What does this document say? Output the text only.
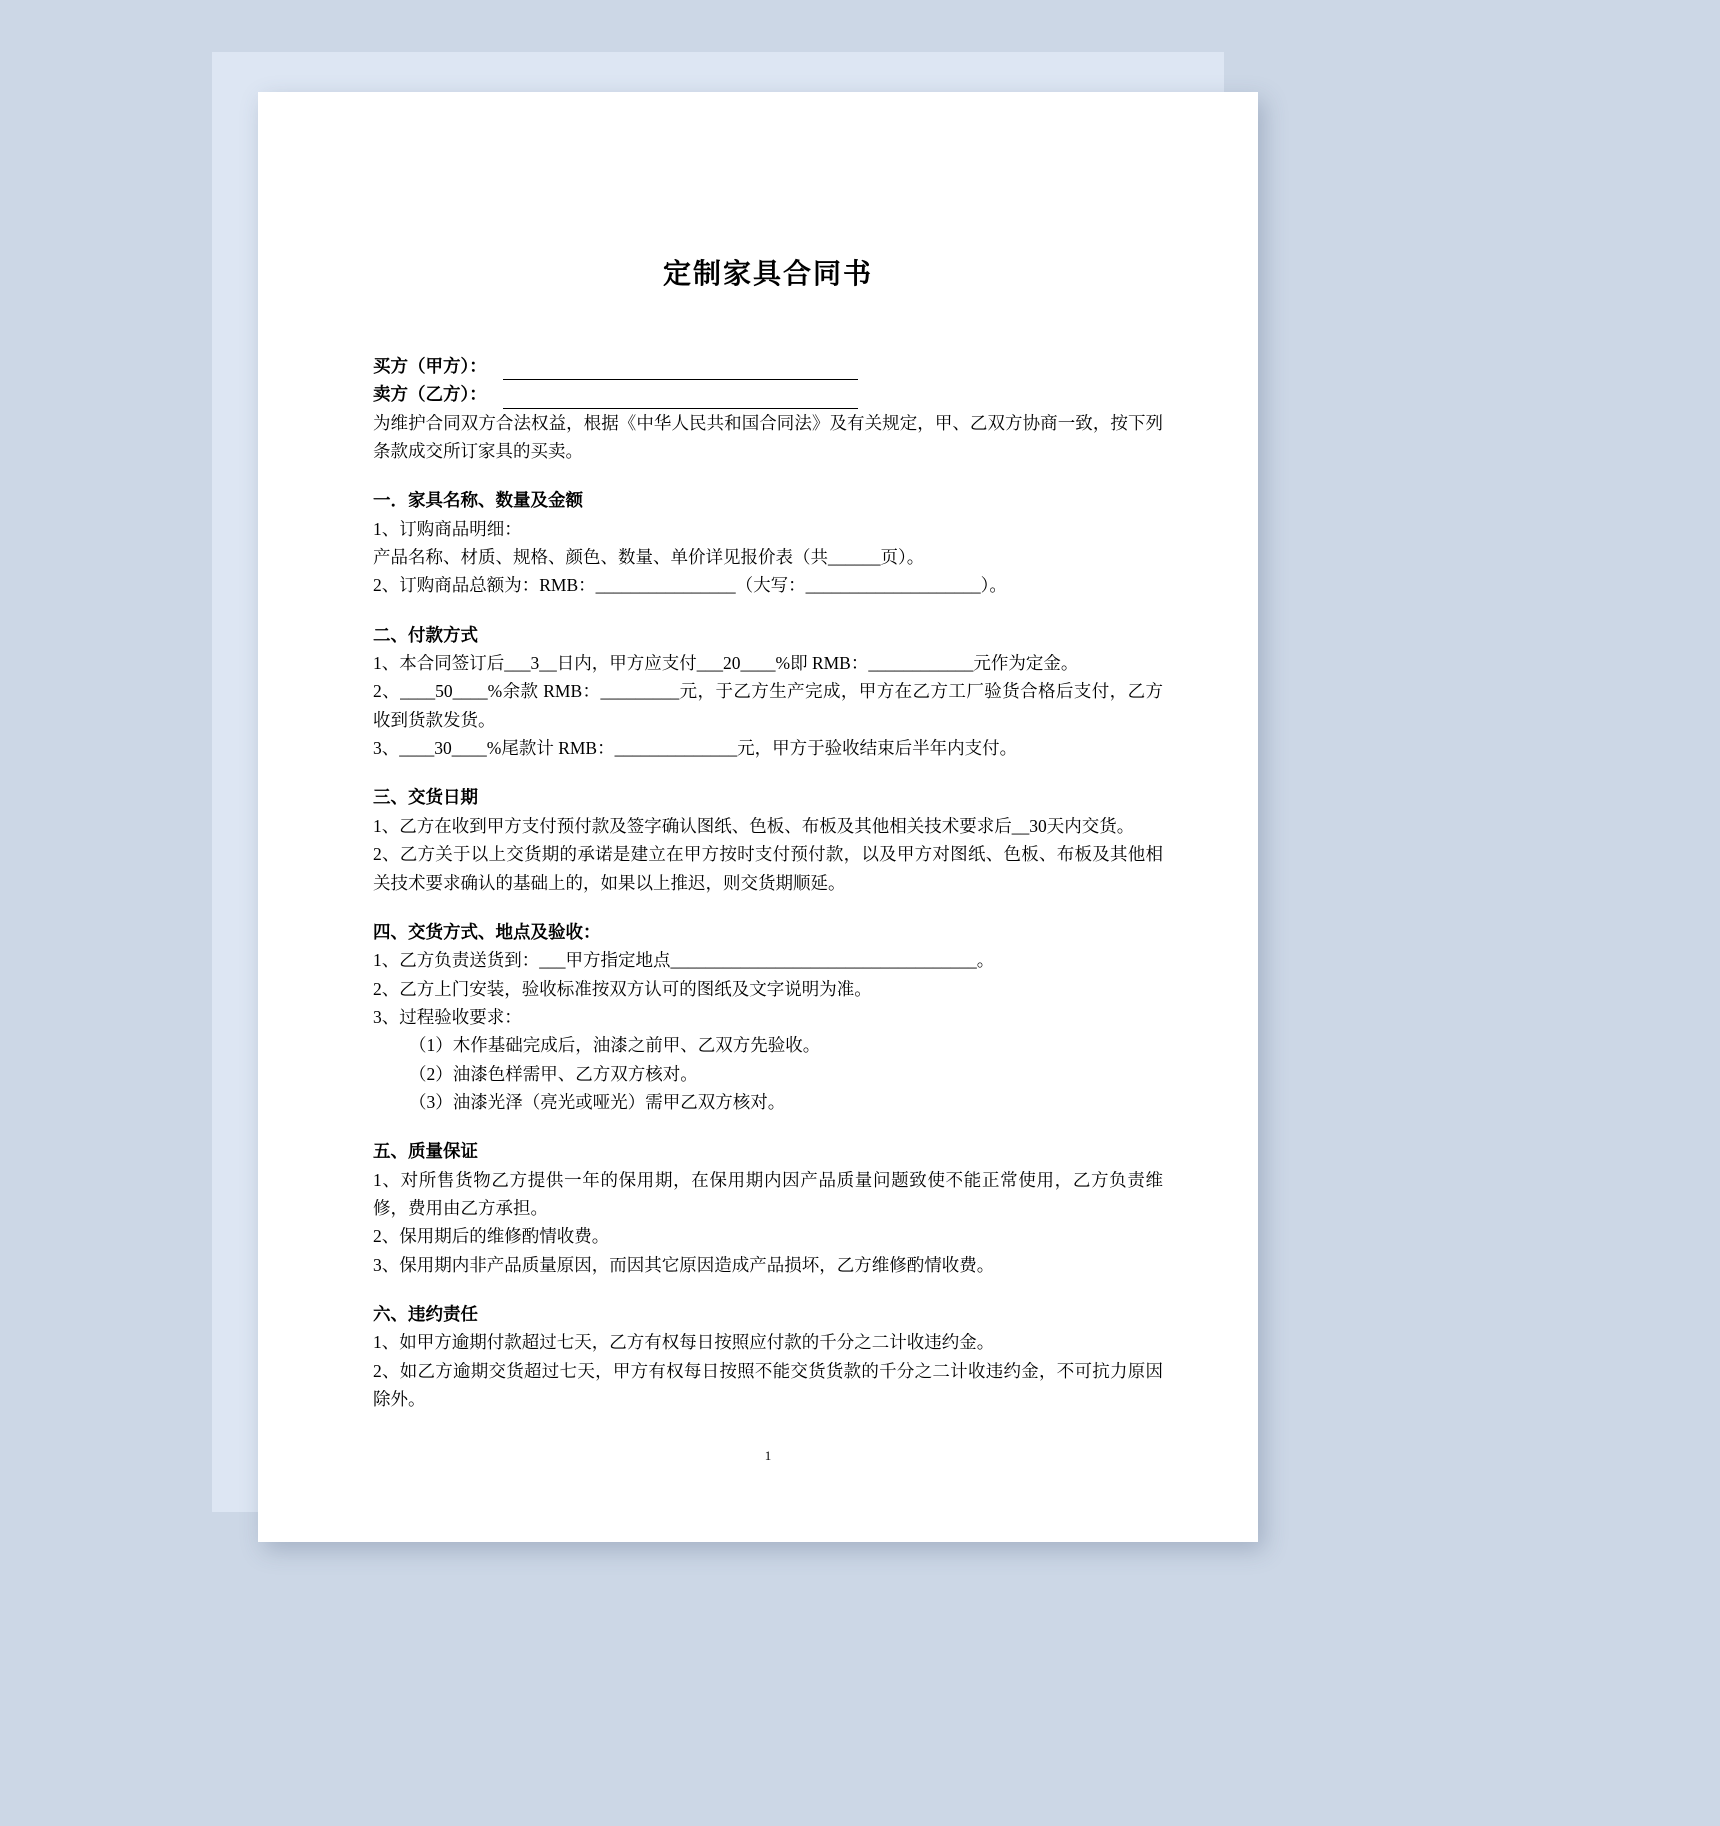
定制家具合同书
买方（甲方）：
卖方（乙方）：

为维护合同双方合法权益，根据《中华人民共和国合同法》及有关规定，甲、乙双方协商一致，按下列条款成交所订家具的买卖。

一．家具名称、数量及金额

1、订购商品明细：

产品名称、材质、规格、颜色、数量、单价详见报价表（共______页）。

2、订购商品总额为：RMB：________________（大写：____________________）。

二、付款方式

1、本合同签订后___3__日内，甲方应支付___20____%即 RMB：____________元作为定金。

2、____50____%余款 RMB：_________元，于乙方生产完成，甲方在乙方工厂验货合格后支付，乙方收到货款发货。

3、____30____%尾款计 RMB：______________元，甲方于验收结束后半年内支付。

三、交货日期

1、乙方在收到甲方支付预付款及签字确认图纸、色板、布板及其他相关技术要求后__30天内交货。

2、乙方关于以上交货期的承诺是建立在甲方按时支付预付款，以及甲方对图纸、色板、布板及其他相关技术要求确认的基础上的，如果以上推迟，则交货期顺延。

四、交货方式、地点及验收：

1、乙方负责送货到：___甲方指定地点___________________________________。

2、乙方上门安装，验收标准按双方认可的图纸及文字说明为准。

3、过程验收要求：

（1）木作基础完成后，油漆之前甲、乙双方先验收。

（2）油漆色样需甲、乙方双方核对。

（3）油漆光泽（亮光或哑光）需甲乙双方核对。

五、质量保证

1、对所售货物乙方提供一年的保用期，在保用期内因产品质量问题致使不能正常使用，乙方负责维修，费用由乙方承担。

2、保用期后的维修酌情收费。

3、保用期内非产品质量原因，而因其它原因造成产品损坏，乙方维修酌情收费。

六、违约责任

1、如甲方逾期付款超过七天，乙方有权每日按照应付款的千分之二计收违约金。

2、如乙方逾期交货超过七天，甲方有权每日按照不能交货货款的千分之二计收违约金，不可抗力原因除外。

1
